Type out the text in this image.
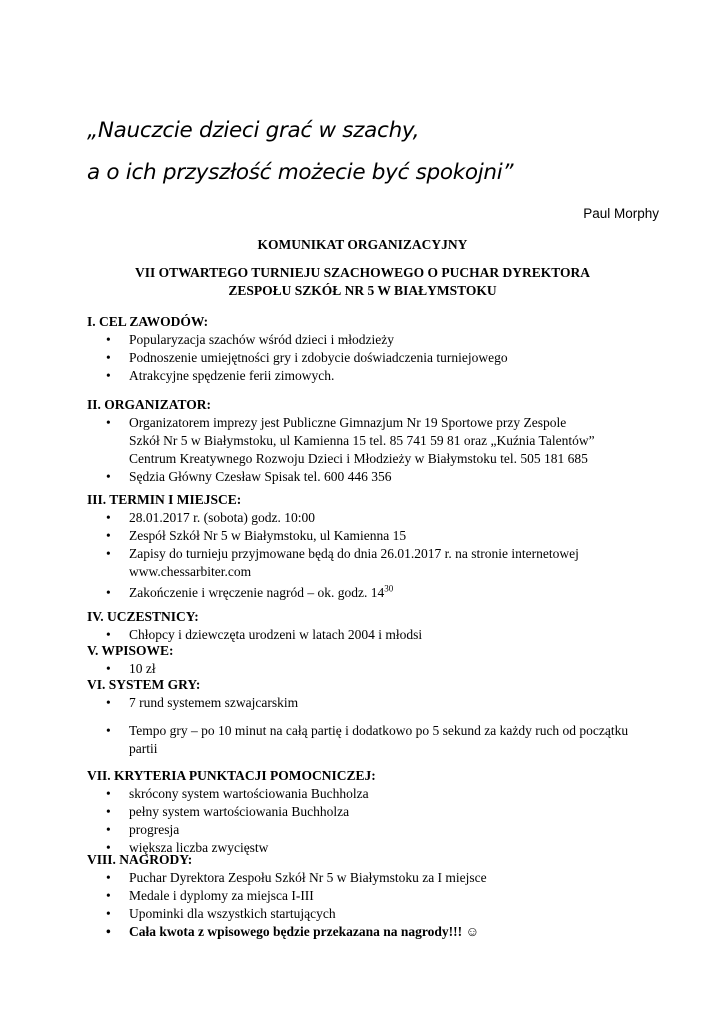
„Nauczcie dzieci grać w szachy,
a o ich przyszłość możecie być spokojni”
Paul Morphy
KOMUNIKAT ORGANIZACYJNY
VII OTWARTEGO TURNIEJU SZACHOWEGO O PUCHAR DYREKTORA
ZESPOŁU SZKÓŁ NR 5 W BIAŁYMSTOKU
I. CEL ZAWODÓW:
• Popularyzacja szachów wśród dzieci i młodzieży
• Podnoszenie umiejętności gry i zdobycie doświadczenia turniejowego
• Atrakcyjne spędzenie ferii zimowych.
II. ORGANIZATOR:
• Organizatorem imprezy jest Publiczne Gimnazjum Nr 19 Sportowe przy Zespole Szkół Nr 5 w Białymstoku, ul Kamienna 15 tel. 85 741 59 81 oraz „Kuźnia Talentów” Centrum Kreatywnego Rozwoju Dzieci i Młodzieży w Białymstoku tel. 505 181 685
• Sędzia Główny Czesław Spisak tel. 600 446 356
III. TERMIN I MIEJSCE:
• 28.01.2017 r. (sobota) godz. 10:00
• Zespół Szkół Nr 5 w Białymstoku, ul Kamienna 15
• Zapisy do turnieju przyjmowane będą do dnia 26.01.2017 r. na stronie internetowej www.chessarbiter.com
• Zakończenie i wręczenie nagród – ok. godz. $14^{30}$
IV. UCZESTNICY:
• Chłopcy i dziewczęta urodzeni w latach 2004 i młodsi
V. WPISOWE:
• 10 zł
VI. SYSTEM GRY:
• 7 rund systemem szwajcarskim
• Tempo gry – po 10 minut na całą partię i dodatkowo po 5 sekund za każdy ruch od początku partii
VII. KRYTERIA PUNKTACJI POMOCNICZEJ:
• skrócony system wartościowania Buchholza
• pełny system wartościowania Buchholza
• progresja
• większa liczba zwycięstw
VIII. NAGRODY:
• Puchar Dyrektora Zespołu Szkół Nr 5 w Białymstoku za I miejsce
• Medale i dyplomy za miejsca I-III
• Upominki dla wszystkich startujących
• Cała kwota z wpisowego będzie przekazana na nagrody!!! ☺
